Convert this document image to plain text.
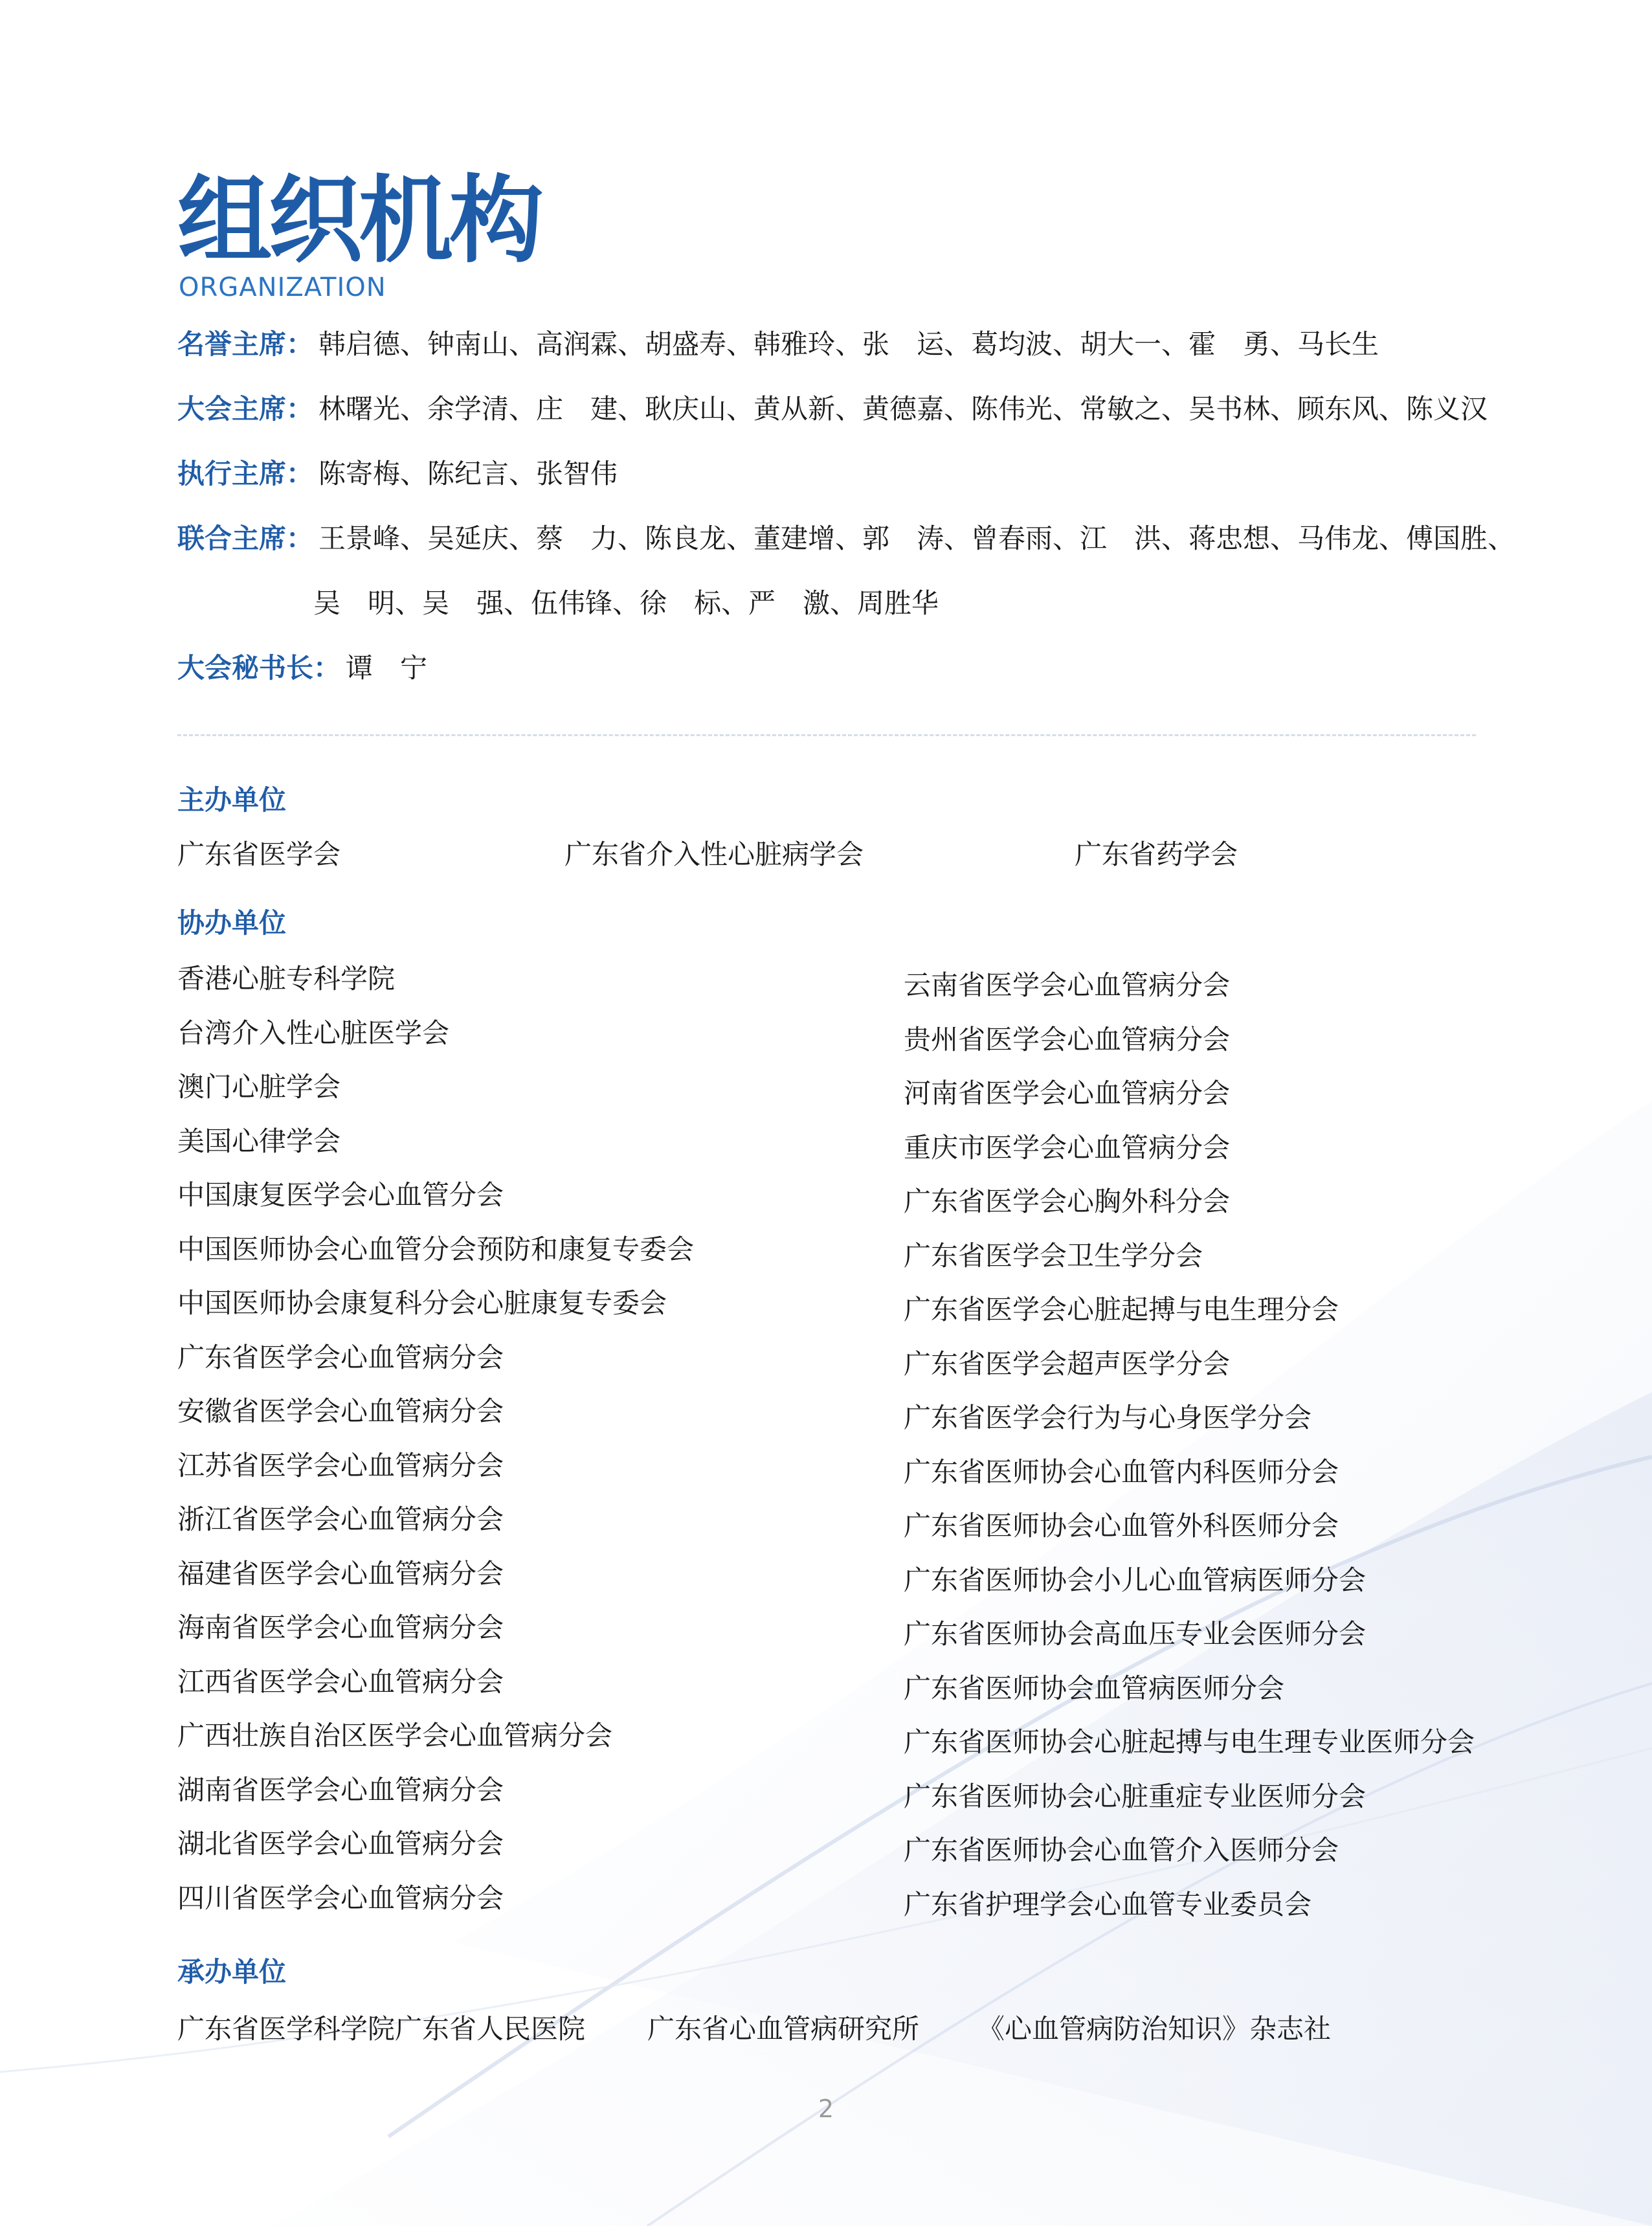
组织机构
ORGANIZATION
名誉主席： 韩启德、钟南山、高润霖、胡盛寿、韩雅玲、张　运、葛均波、胡大一、霍　勇、马长生
大会主席： 林曙光、余学清、庄　建、耿庆山、黄从新、黄德嘉、陈伟光、常敏之、吴书林、顾东风、陈义汉
执行主席： 陈寄梅、陈纪言、张智伟
联合主席： 王景峰、吴延庆、蔡　力、陈良龙、董建增、郭　涛、曾春雨、江　洪、蒋忠想、马伟龙、傅国胜、
吴　明、吴　强、伍伟锋、徐　标、严　激、周胜华
大会秘书长： 谭　宁
主办单位
广东省医学会	广东省介入性心脏病学会	广东省药学会
协办单位
香港心脏专科学院
台湾介入性心脏医学会
澳门心脏学会
美国心律学会
中国康复医学会心血管分会
中国医师协会心血管分会预防和康复专委会
中国医师协会康复科分会心脏康复专委会
广东省医学会心血管病分会
安徽省医学会心血管病分会
江苏省医学会心血管病分会
浙江省医学会心血管病分会
福建省医学会心血管病分会
海南省医学会心血管病分会
江西省医学会心血管病分会
广西壮族自治区医学会心血管病分会
湖南省医学会心血管病分会
湖北省医学会心血管病分会
四川省医学会心血管病分会
云南省医学会心血管病分会
贵州省医学会心血管病分会
河南省医学会心血管病分会
重庆市医学会心血管病分会
广东省医学会心胸外科分会
广东省医学会卫生学分会
广东省医学会心脏起搏与电生理分会
广东省医学会超声医学分会
广东省医学会行为与心身医学分会
广东省医师协会心血管内科医师分会
广东省医师协会心血管外科医师分会
广东省医师协会小儿心血管病医师分会
广东省医师协会高血压专业会医师分会
广东省医师协会血管病医师分会
广东省医师协会心脏起搏与电生理专业医师分会
广东省医师协会心脏重症专业医师分会
广东省医师协会心血管介入医师分会
广东省护理学会心血管专业委员会
承办单位
广东省医学科学院广东省人民医院 广东省心血管病研究所 《心血管病防治知识》杂志社
2
